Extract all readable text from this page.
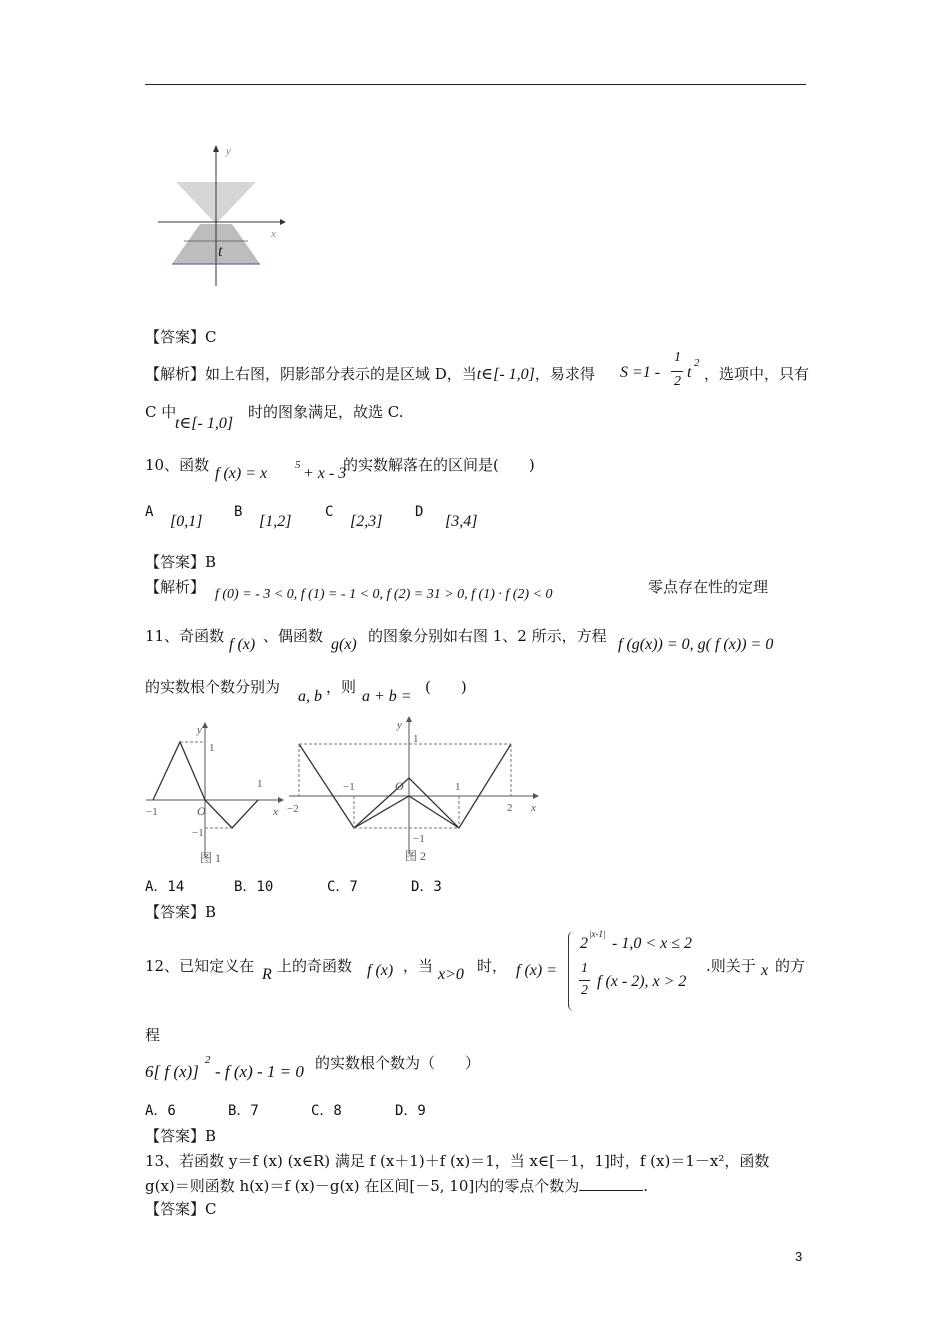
y
x
t
【答案】C
【解析】如上右图，阴影部分表示的是区域 D，当t∈[- 1,0]，易求得 S =1 -
1
2
t
2
，选项中，只有
C 中
t∈[- 1,0]
时的图象满足，故选 C.
10、函数 f (x) = x	5 + x - 3
的实数解落在的区间是(　　)
A
[0,1]
B
[1,2]
C
[2,3]
D
[3,4]
【答案】B
【解析】 f (0) = - 3 < 0, f (1) = - 1 < 0, f (2) = 31 > 0, f (1) · f (2) < 0	零点存在性的定理
11、奇函数 f (x) 、偶函数 g(x) 的图象分别如右图 1、2 所示，方程 f (g(x)) = 0, g( f (x)) = 0
的实数根个数分别为
a, b
，则
a + b =
(　　)
y
1
1
−1	O	x
−1
图 1
y
1
−2
−1	O	1
2 x
−1
图 2
A．14	B．10	C．7	D．3
【答案】B
12、已知定义在 R 上的奇函数 f (x) ，当 x>0 时， f (x) =
2
|x-1|
- 1,0 < x ≤ 2
1
2
f (x - 2), x > 2
.则关于 x 的方
程
6[ f (x)]
2
- f (x) - 1 = 0 的实数根个数为（　　）
A．6	B．7	C．8	D．9
【答案】B
13、若函数 y＝f (x) (x∈R) 满足 f (x＋1)＋f (x)＝1，当 x∈[－1，1]时，f (x)＝1－x²，函数
g(x)＝则函数 h(x)＝f (x)－g(x) 在区间[－5, 10]内的零点个数为	.
【答案】C
3
